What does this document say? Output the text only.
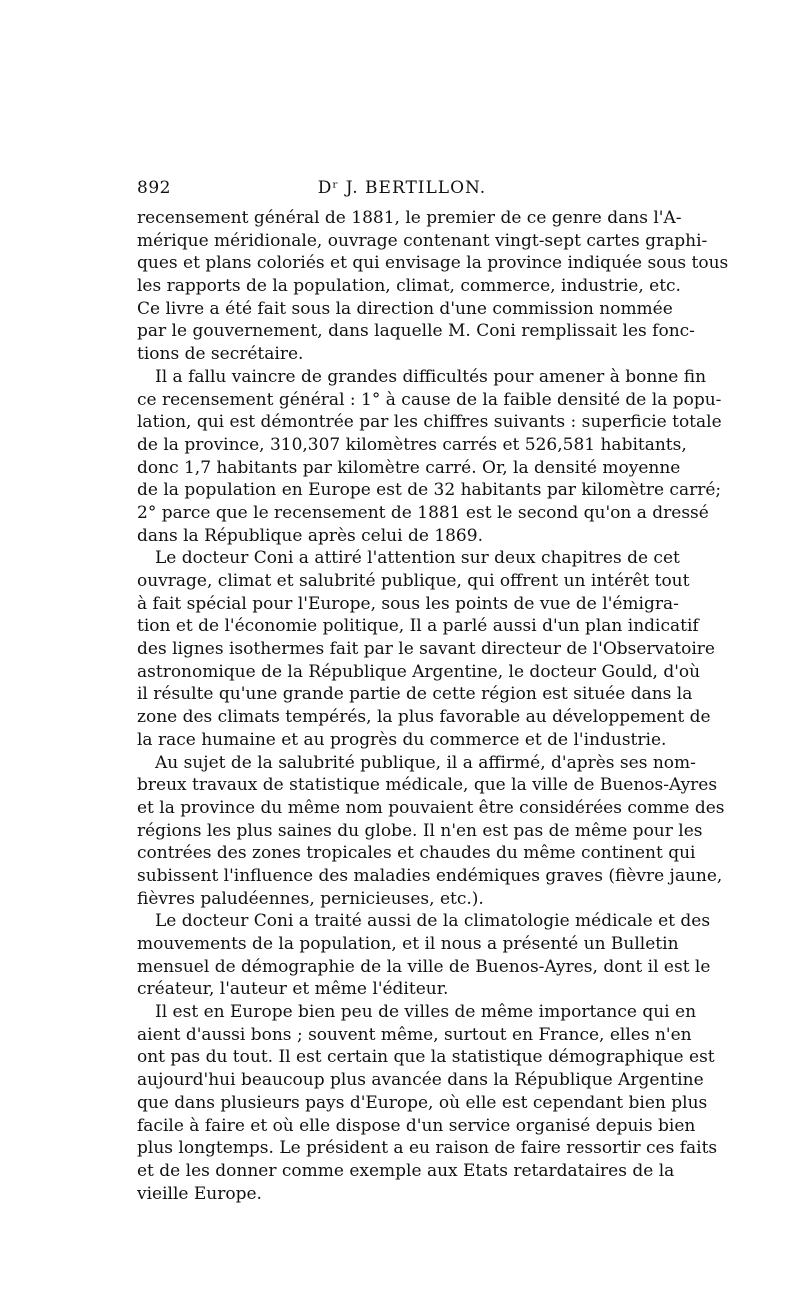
892	Dʳ J. BERTILLON.
recensement général de 1881, le premier de ce genre dans l'A-
mérique méridionale, ouvrage contenant vingt-sept cartes graphi-
ques et plans coloriés et qui envisage la province indiquée sous tous
les rapports de la population, climat, commerce, industrie, etc.
Ce livre a été fait sous la direction d'une commission nommée
par le gouvernement, dans laquelle M. Coni remplissait les fonc-
tions de secrétaire.
Il a fallu vaincre de grandes difficultés pour amener à bonne fin
ce recensement général : 1° à cause de la faible densité de la popu-
lation, qui est démontrée par les chiffres suivants : superficie totale
de la province, 310,307 kilomètres carrés et 526,581 habitants,
donc 1,7 habitants par kilomètre carré. Or, la densité moyenne
de la population en Europe est de 32 habitants par kilomètre carré;
2° parce que le recensement de 1881 est le second qu'on a dressé
dans la République après celui de 1869.
Le docteur Coni a attiré l'attention sur deux chapitres de cet
ouvrage, climat et salubrité publique, qui offrent un intérêt tout
à fait spécial pour l'Europe, sous les points de vue de l'émigra-
tion et de l'économie politique, Il a parlé aussi d'un plan indicatif
des lignes isothermes fait par le savant directeur de l'Observatoire
astronomique de la République Argentine, le docteur Gould, d'où
il résulte qu'une grande partie de cette région est située dans la
zone des climats tempérés, la plus favorable au développement de
la race humaine et au progrès du commerce et de l'industrie.
Au sujet de la salubrité publique, il a affirmé, d'après ses nom-
breux travaux de statistique médicale, que la ville de Buenos-Ayres
et la province du même nom pouvaient être considérées comme des
régions les plus saines du globe. Il n'en est pas de même pour les
contrées des zones tropicales et chaudes du même continent qui
subissent l'influence des maladies endémiques graves (fièvre jaune,
fièvres paludéennes, pernicieuses, etc.).
Le docteur Coni a traité aussi de la climatologie médicale et des
mouvements de la population, et il nous a présenté un Bulletin
mensuel de démographie de la ville de Buenos-Ayres, dont il est le
créateur, l'auteur et même l'éditeur.
Il est en Europe bien peu de villes de même importance qui en
aient d'aussi bons ; souvent même, surtout en France, elles n'en
ont pas du tout. Il est certain que la statistique démographique est
aujourd'hui beaucoup plus avancée dans la République Argentine
que dans plusieurs pays d'Europe, où elle est cependant bien plus
facile à faire et où elle dispose d'un service organisé depuis bien
plus longtemps. Le président a eu raison de faire ressortir ces faits
et de les donner comme exemple aux Etats retardataires de la
vieille Europe.
